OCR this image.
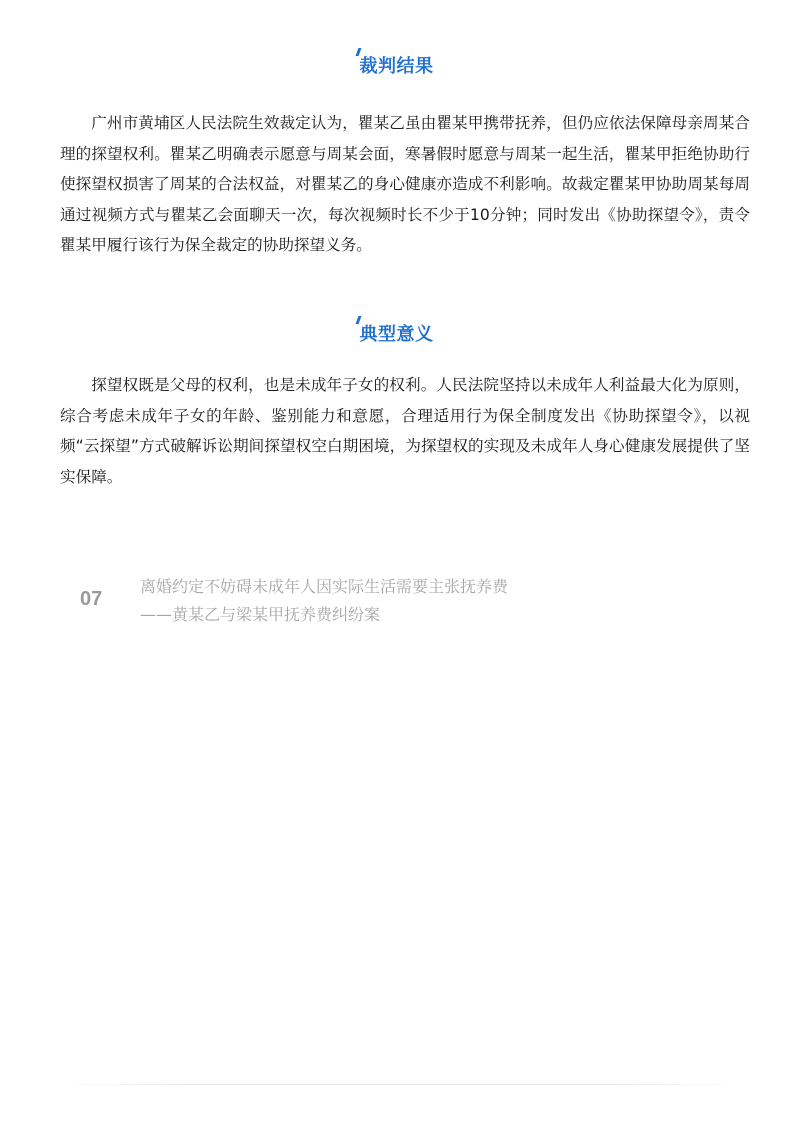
裁判结果

广州市黄埔区人民法院生效裁定认为，瞿某乙虽由瞿某甲携带抚养，但仍应依法保障母亲周某合理的探望权利。瞿某乙明确表示愿意与周某会面，寒暑假时愿意与周某一起生活，瞿某甲拒绝协助行使探望权损害了周某的合法权益，对瞿某乙的身心健康亦造成不利影响。故裁定瞿某甲协助周某每周通过视频方式与瞿某乙会面聊天一次，每次视频时长不少于10分钟；同时发出《协助探望令》，责令瞿某甲履行该行为保全裁定的协助探望义务。

典型意义

探望权既是父母的权利，也是未成年子女的权利。人民法院坚持以未成年人利益最大化为原则，综合考虑未成年子女的年龄、鉴别能力和意愿，合理适用行为保全制度发出《协助探望令》，以视频“云探望”方式破解诉讼期间探望权空白期困境，为探望权的实现及未成年人身心健康发展提供了坚实保障。

07
离婚约定不妨碍未成年人因实际生活需要主张抚养费
——黄某乙与梁某甲抚养费纠纷案
